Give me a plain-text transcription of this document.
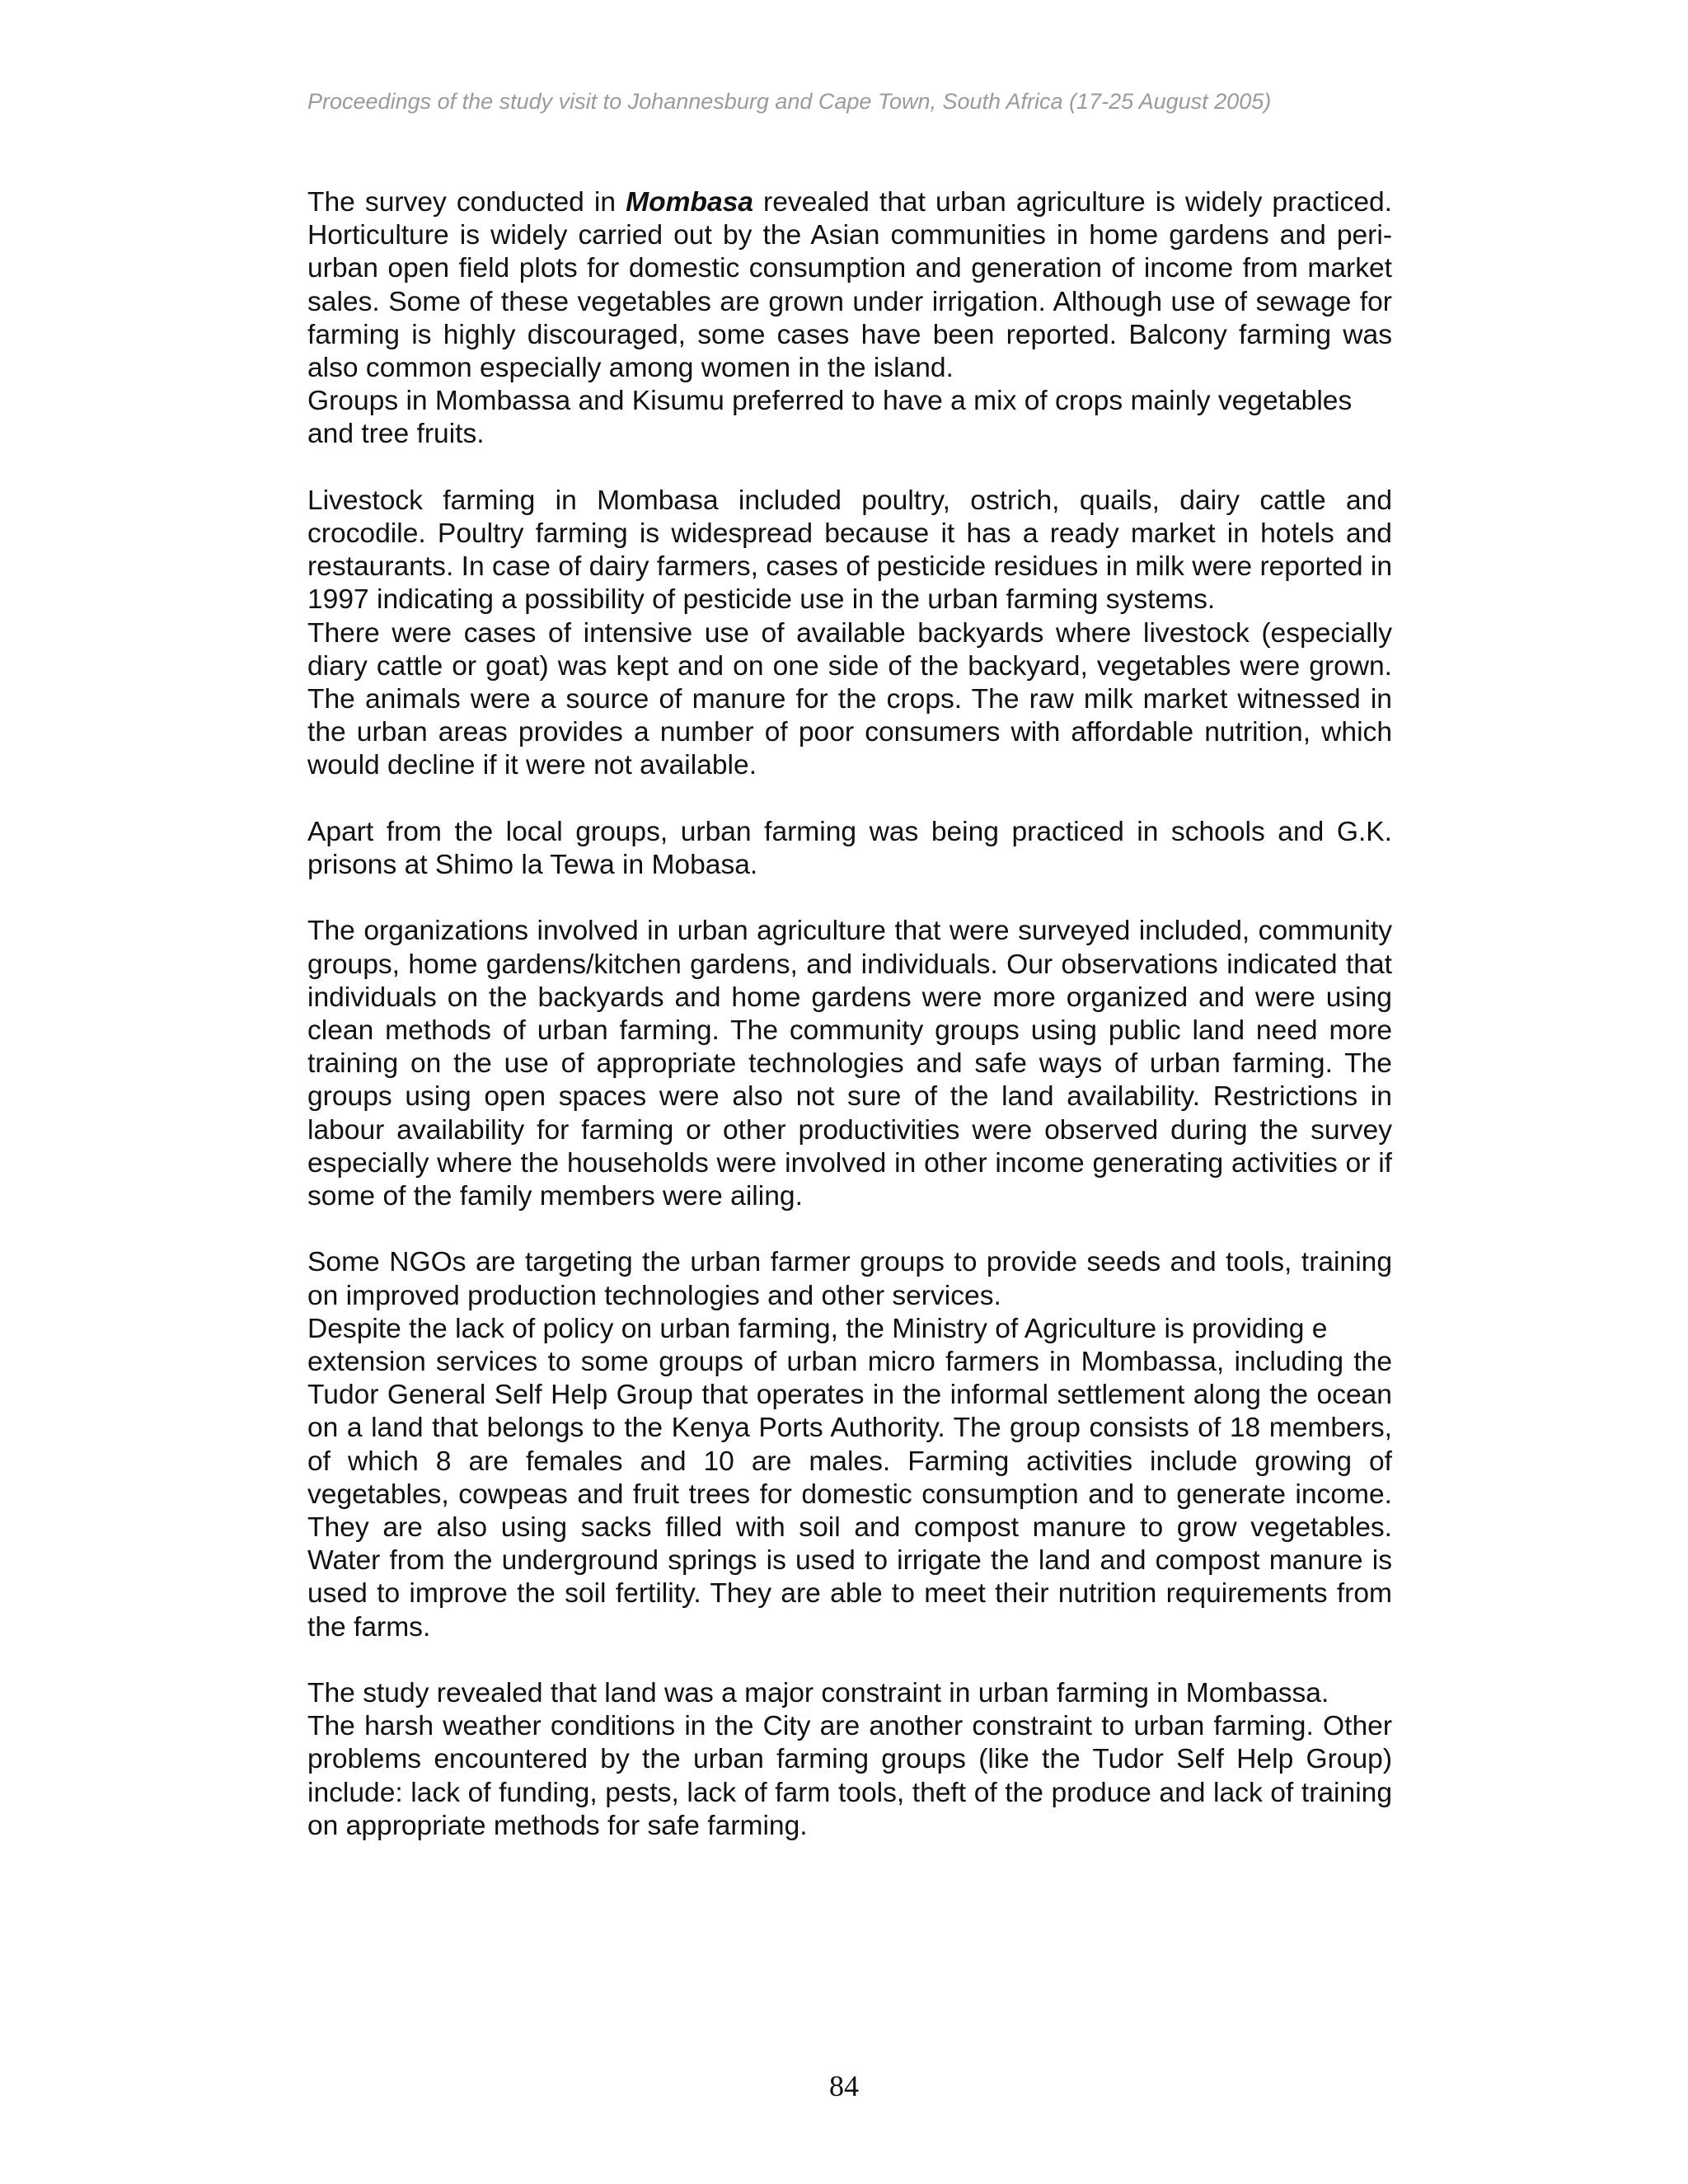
Proceedings of the study visit to Johannesburg and Cape Town, South Africa (17-25 August 2005)

The survey conducted in Mombasa revealed that urban agriculture is widely practiced. Horticulture is widely carried out by the Asian communities in home gardens and peri-urban open field plots for domestic consumption and generation of income from market sales. Some of these vegetables are grown under irrigation. Although use of sewage for farming is highly discouraged, some cases have been reported. Balcony farming was also common especially among women in the island.

Groups in Mombassa and Kisumu preferred to have a mix of crops mainly vegetables and tree fruits.

Livestock farming in Mombasa included poultry, ostrich, quails, dairy cattle and crocodile. Poultry farming is widespread because it has a ready market in hotels and restaurants. In case of dairy farmers, cases of pesticide residues in milk were reported in 1997 indicating a possibility of pesticide use in the urban farming systems.

There were cases of intensive use of available backyards where livestock (especially diary cattle or goat) was kept and on one side of the backyard, vegetables were grown. The animals were a source of manure for the crops. The raw milk market witnessed in the urban areas provides a number of poor consumers with affordable nutrition, which would decline if it were not available.

Apart from the local groups, urban farming was being practiced in schools and G.K. prisons at Shimo la Tewa in Mobasa.

The organizations involved in urban agriculture that were surveyed included, community groups, home gardens/kitchen gardens, and individuals. Our observations indicated that individuals on the backyards and home gardens were more organized and were using clean methods of urban farming. The community groups using public land need more training on the use of appropriate technologies and safe ways of urban farming. The groups using open spaces were also not sure of the land availability. Restrictions in labour availability for farming or other productivities were observed during the survey especially where the households were involved in other income generating activities or if some of the family members were ailing.

Some NGOs are targeting the urban farmer groups to provide seeds and tools, training on improved production technologies and other services.

Despite the lack of policy on urban farming, the Ministry of Agriculture is providing e

extension services to some groups of urban micro farmers in Mombassa, including the Tudor General Self Help Group that operates in the informal settlement along the ocean on a land that belongs to the Kenya Ports Authority. The group consists of 18 members, of which 8 are females and 10 are males. Farming activities include growing of vegetables, cowpeas and fruit trees for domestic consumption and to generate income. They are also using sacks filled with soil and compost manure to grow vegetables. Water from the underground springs is used to irrigate the land and compost manure is used to improve the soil fertility. They are able to meet their nutrition requirements from the farms.

The study revealed that land was a major constraint in urban farming in Mombassa.

The harsh weather conditions in the City are another constraint to urban farming. Other problems encountered by the urban farming groups (like the Tudor Self Help Group) include: lack of funding, pests, lack of farm tools, theft of the produce and lack of training on appropriate methods for safe farming.

84
